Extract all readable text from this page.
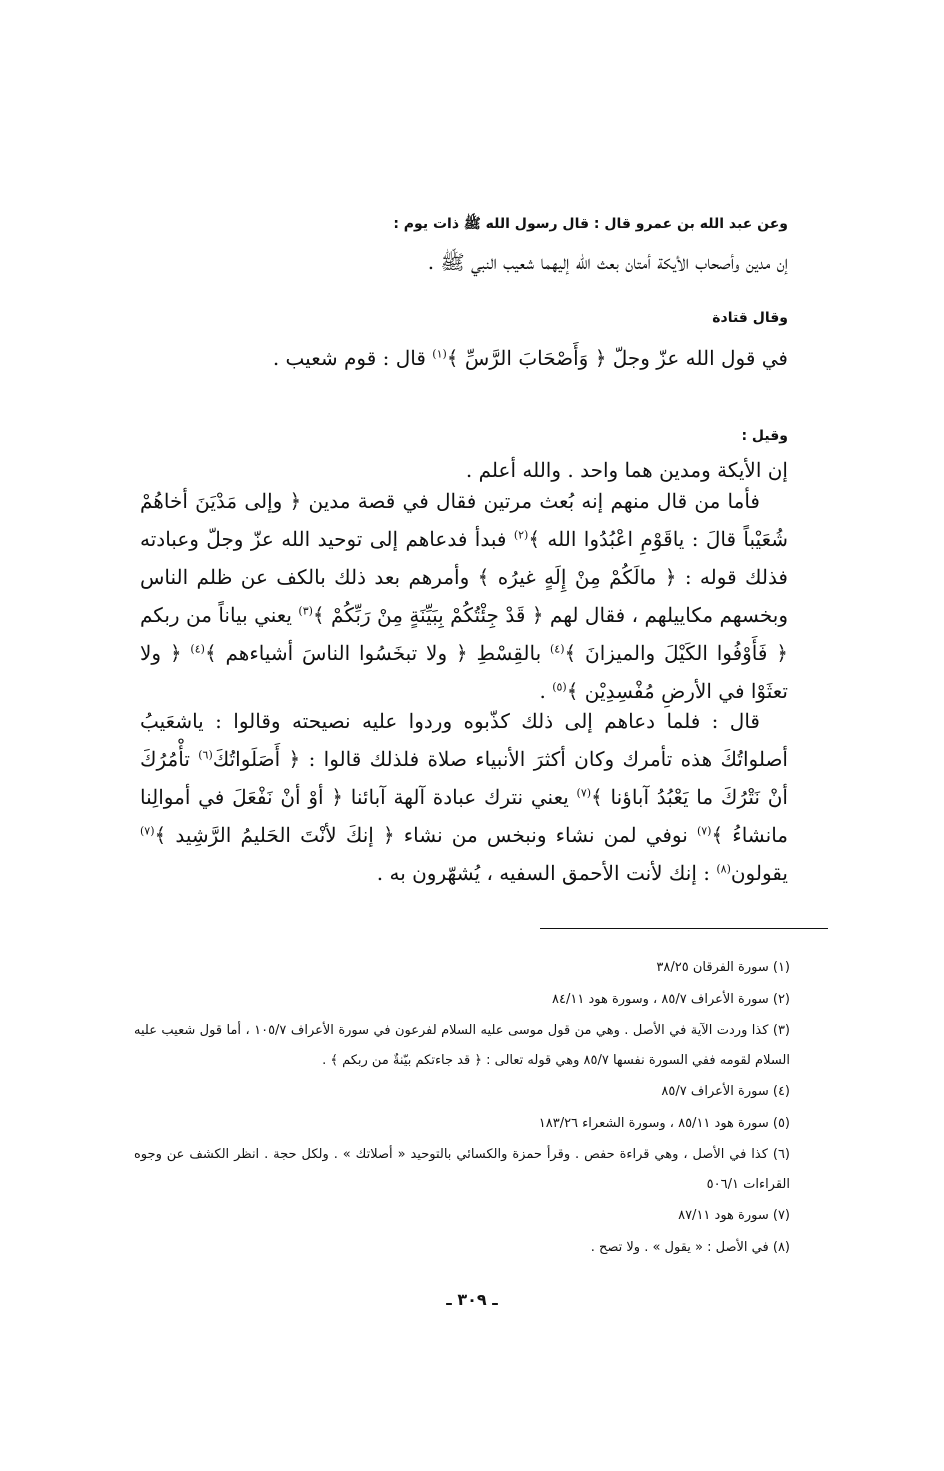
وعن عبد الله بن عمرو قال : قال رسول الله ﷺ ذات يوم :
إن مدين وأصحاب الأيكة أمتان بعث الله إليهما شعيب النبي ﷺ .
وقال قتادة
في قول الله عزّ وجلّ ﴿ وَأَصْحَابَ الرَّسِّ ﴾$^{(١)}$ قال : قوم شعيب .
وقيل :
إن الأيكة ومدين هما واحد . والله أعلم .

فأما من قال منهم إنه بُعث مرتين فقال في قصة مدين ﴿ وإلى مَدْيَنَ أخاهُمْ شُعَيْباً قالَ : ياقَوْمِ اعْبُدُوا الله ﴾$^{(٢)}$ فبدأ فدعاهم إلى توحيد الله عزّ وجلّ وعبادته فذلك قوله : ﴿ مالَكُمْ مِنْ إِلَهٍ غيرُه ﴾ وأمرهم بعد ذلك بالكف عن ظلم الناس وبخسهم مكاييلهم ، فقال لهم ﴿ قَدْ جِئْتُكُمْ بِبَيِّنَةٍ مِنْ رَبِّكُمْ ﴾$^{(٣)}$ يعني بياناً من ربكم ﴿ فَأَوْفُوا الكَيْلَ والميزانَ ﴾$^{(٤)}$ بالقِسْطِ ﴿ ولا تبخَسُوا الناسَ أشياءهم ﴾$^{(٤)}$ ﴿ ولا تعثَوْا في الأرضِ مُفْسِدِيْن ﴾$^{(٥)}$ .

قال : فلما دعاهم إلى ذلك كذّبوه وردوا عليه نصيحته وقالوا : ياشعَيبُ أصلواتُكَ هذه تأمرك وكان أكثرَ الأنبياء صلاة فلذلك قالوا : ﴿ أَصَلَواتُكَ$^{(٦)}$ تأْمُرُكَ أنْ نَتْرُكَ ما يَعْبُدُ آباؤنا ﴾$^{(٧)}$ يعني نترك عبادة آلهة آبائنا ﴿ أوْ أنْ نَفْعَلَ في أموالِنا مانشاءُ ﴾$^{(٧)}$ نوفي لمن نشاء ونبخس من نشاء ﴿ إنكَ لأنْتَ الحَليمُ الرَّشِيد ﴾$^{(٧)}$ يقولون$^{(٨)}$ : إنك لأنت الأحمق السفيه ، يُشهّرون به .

(١) سورة الفرقان ٣٨/٢٥
(٢) سورة الأعراف ٨٥/٧ ، وسورة هود ٨٤/١١
(٣) كذا وردت الآية في الأصل . وهي من قول موسى عليه السلام لفرعون في سورة الأعراف ١٠٥/٧ ، أما قول شعيب عليه السلام لقومه ففي السورة نفسها ٨٥/٧ وهي قوله تعالى : ﴿ قد جاءتكم بيّنةٌ من ربكم ﴾ .
(٤) سورة الأعراف ٨٥/٧
(٥) سورة هود ٨٥/١١ ، وسورة الشعراء ١٨٣/٢٦
(٦) كذا في الأصل ، وهي قراءة حفص . وقرأ حمزة والكسائي بالتوحيد « أصلاتك » . ولكل حجة . انظر الكشف عن وجوه القراءات ٥٠٦/١
(٧) سورة هود ٨٧/١١
(٨) في الأصل : « يقول » . ولا تصح .
ـ ٣٠٩ ـ
